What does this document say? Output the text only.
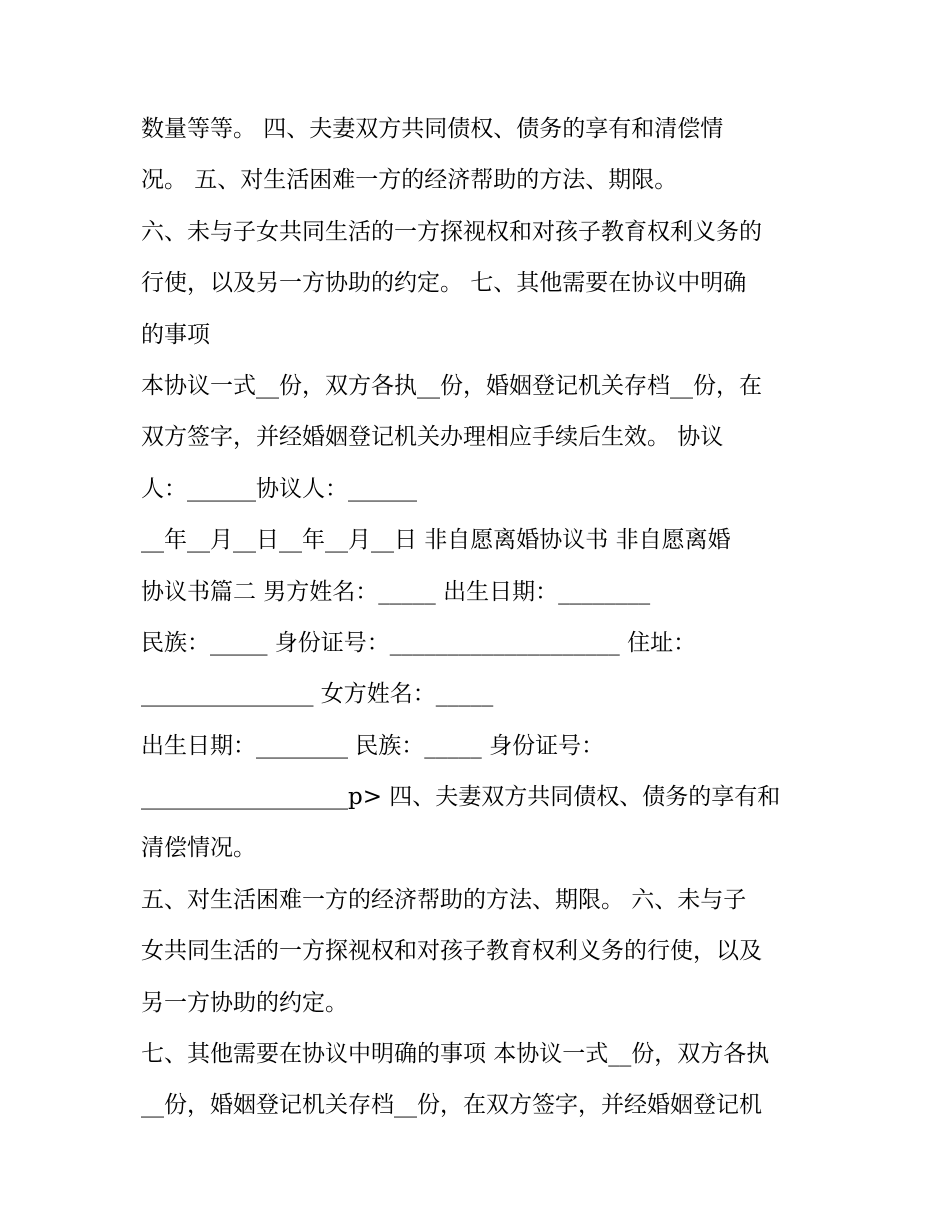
数量等等。 四、夫妻双方共同债权、债务的享有和清偿情
况。 五、对生活困难一方的经济帮助的方法、期限。
六、未与子女共同生活的一方探视权和对孩子教育权利义务的
行使，以及另一方协助的约定。 七、其他需要在协议中明确
的事项
本协议一式__份，双方各执__份，婚姻登记机关存档__份，在
双方签字，并经婚姻登记机关办理相应手续后生效。 协议
人：______协议人：______
__年__月__日__年__月__日 非自愿离婚协议书 非自愿离婚
协议书篇二 男方姓名：_____ 出生日期：________
民族：_____ 身份证号：____________________ 住址：
_______________ 女方姓名：_____
出生日期：________ 民族：_____ 身份证号：
__________________p> 四、夫妻双方共同债权、债务的享有和
清偿情况。
五、对生活困难一方的经济帮助的方法、期限。 六、未与子
女共同生活的一方探视权和对孩子教育权利义务的行使，以及
另一方协助的约定。
七、其他需要在协议中明确的事项 本协议一式__份，双方各执
__份，婚姻登记机关存档__份，在双方签字，并经婚姻登记机
